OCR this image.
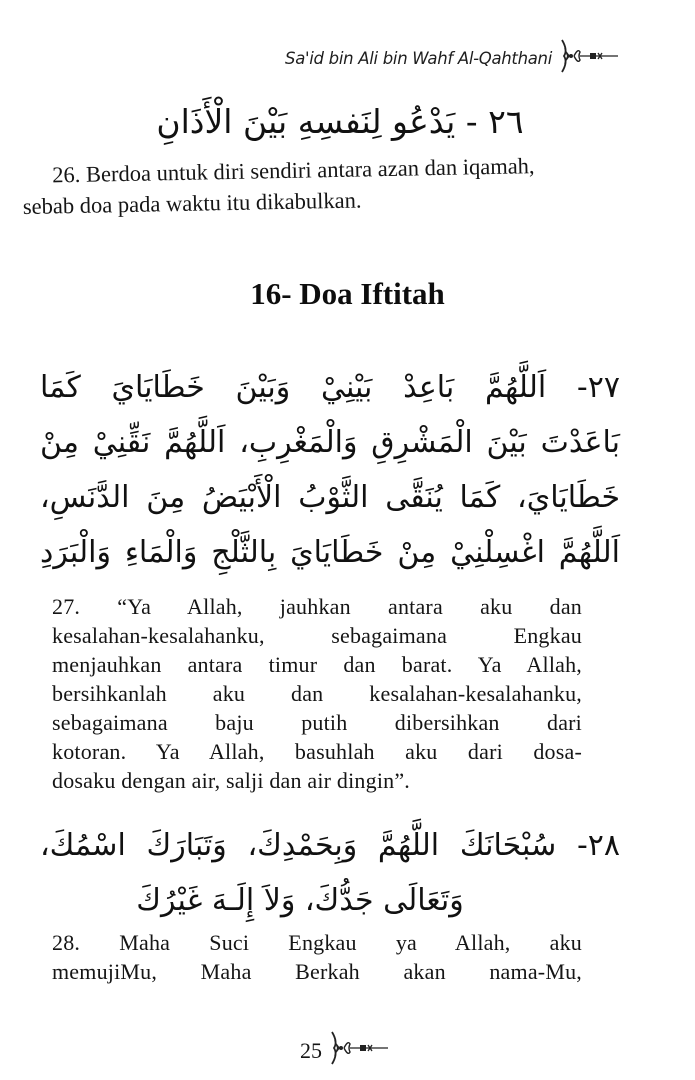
Sa'id bin Ali bin Wahf Al-Qahthani
٢٦ - يَدْعُو لِنَفسِهِ بَيْنَ الْأَذَانِ
26. Berdoa untuk diri sendiri antara azan dan iqamah,
sebab doa pada waktu itu dikabulkan.
16- Doa Iftitah
٢٧- اَللَّهُمَّ بَاعِدْ بَيْنِيْ وَبَيْنَ خَطَايَايَ كَمَا
بَاعَدْتَ بَيْنَ الْمَشْرِقِ وَالْمَغْرِبِ، اَللَّهُمَّ نَقِّنِيْ مِنْ
خَطَايَايَ، كَمَا يُنَقَّى الثَّوْبُ الْأَبْيَضُ مِنَ الدَّنَسِ،
اَللَّهُمَّ اغْسِلْنِيْ مِنْ خَطَايَايَ بِالثَّلْجِ وَالْمَاءِ وَالْبَرَدِ
27. “Ya Allah, jauhkan antara aku dan
kesalahan-kesalahanku, sebagaimana Engkau
menjauhkan antara timur dan barat. Ya Allah,
bersihkanlah aku dan kesalahan-kesalahanku,
sebagaimana baju putih dibersihkan dari
kotoran. Ya Allah, basuhlah aku dari dosa-
dosaku dengan air, salji dan air dingin”.
٢٨- سُبْحَانَكَ اللَّهُمَّ وَبِحَمْدِكَ، وَتَبَارَكَ اسْمُكَ،
وَتَعَالَى جَدُّكَ، وَلاَ إِلَـهَ غَيْرُكَ
28. Maha Suci Engkau ya Allah, aku
memujiMu, Maha Berkah akan nama-Mu,
25
